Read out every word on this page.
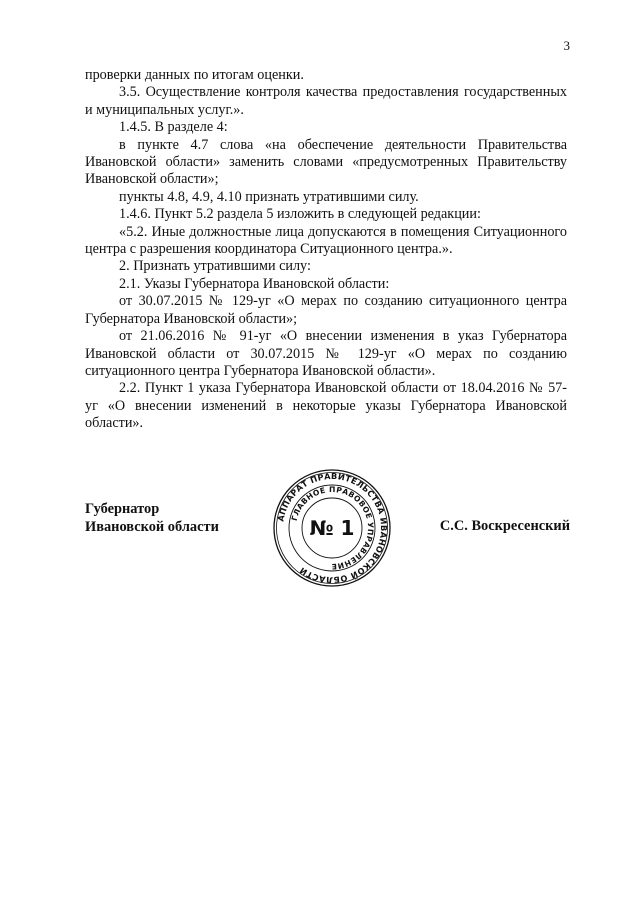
3

проверки данных по итогам оценки.

3.5. Осуществление контроля качества предоставления государственных и муниципальных услуг.».

1.4.5. В разделе 4:

в пункте 4.7 слова «на обеспечение деятельности Правительства Ивановской области» заменить словами «предусмотренных Правительству Ивановской области»;

пункты 4.8, 4.9, 4.10 признать утратившими силу.

1.4.6. Пункт 5.2 раздела 5 изложить в следующей редакции:

«5.2. Иные должностные лица допускаются в помещения Ситуационного центра с разрешения координатора Ситуационного центра.».

2. Признать утратившими силу:

2.1. Указы Губернатора Ивановской области:

от 30.07.2015 № 129-уг «О мерах по созданию ситуационного центра Губернатора Ивановской области»;

от 21.06.2016 № 91-уг «О внесении изменения в указ Губернатора Ивановской области от 30.07.2015 № 129-уг «О мерах по созданию ситуационного центра Губернатора Ивановской области».

2.2. Пункт 1 указа Губернатора Ивановской области от 18.04.2016 № 57-уг «О внесении изменений в некоторые указы Губернатора Ивановской области».

Губернатор
Ивановской области
АППАРАТ ПРАВИТЕЛЬСТВА ИВАНОВСКОЙ ОБЛАСТИ
ГЛАВНОЕ ПРАВОВОЕ УПРАВЛЕНИЕ
№ 1	С.С. Воскресенский
